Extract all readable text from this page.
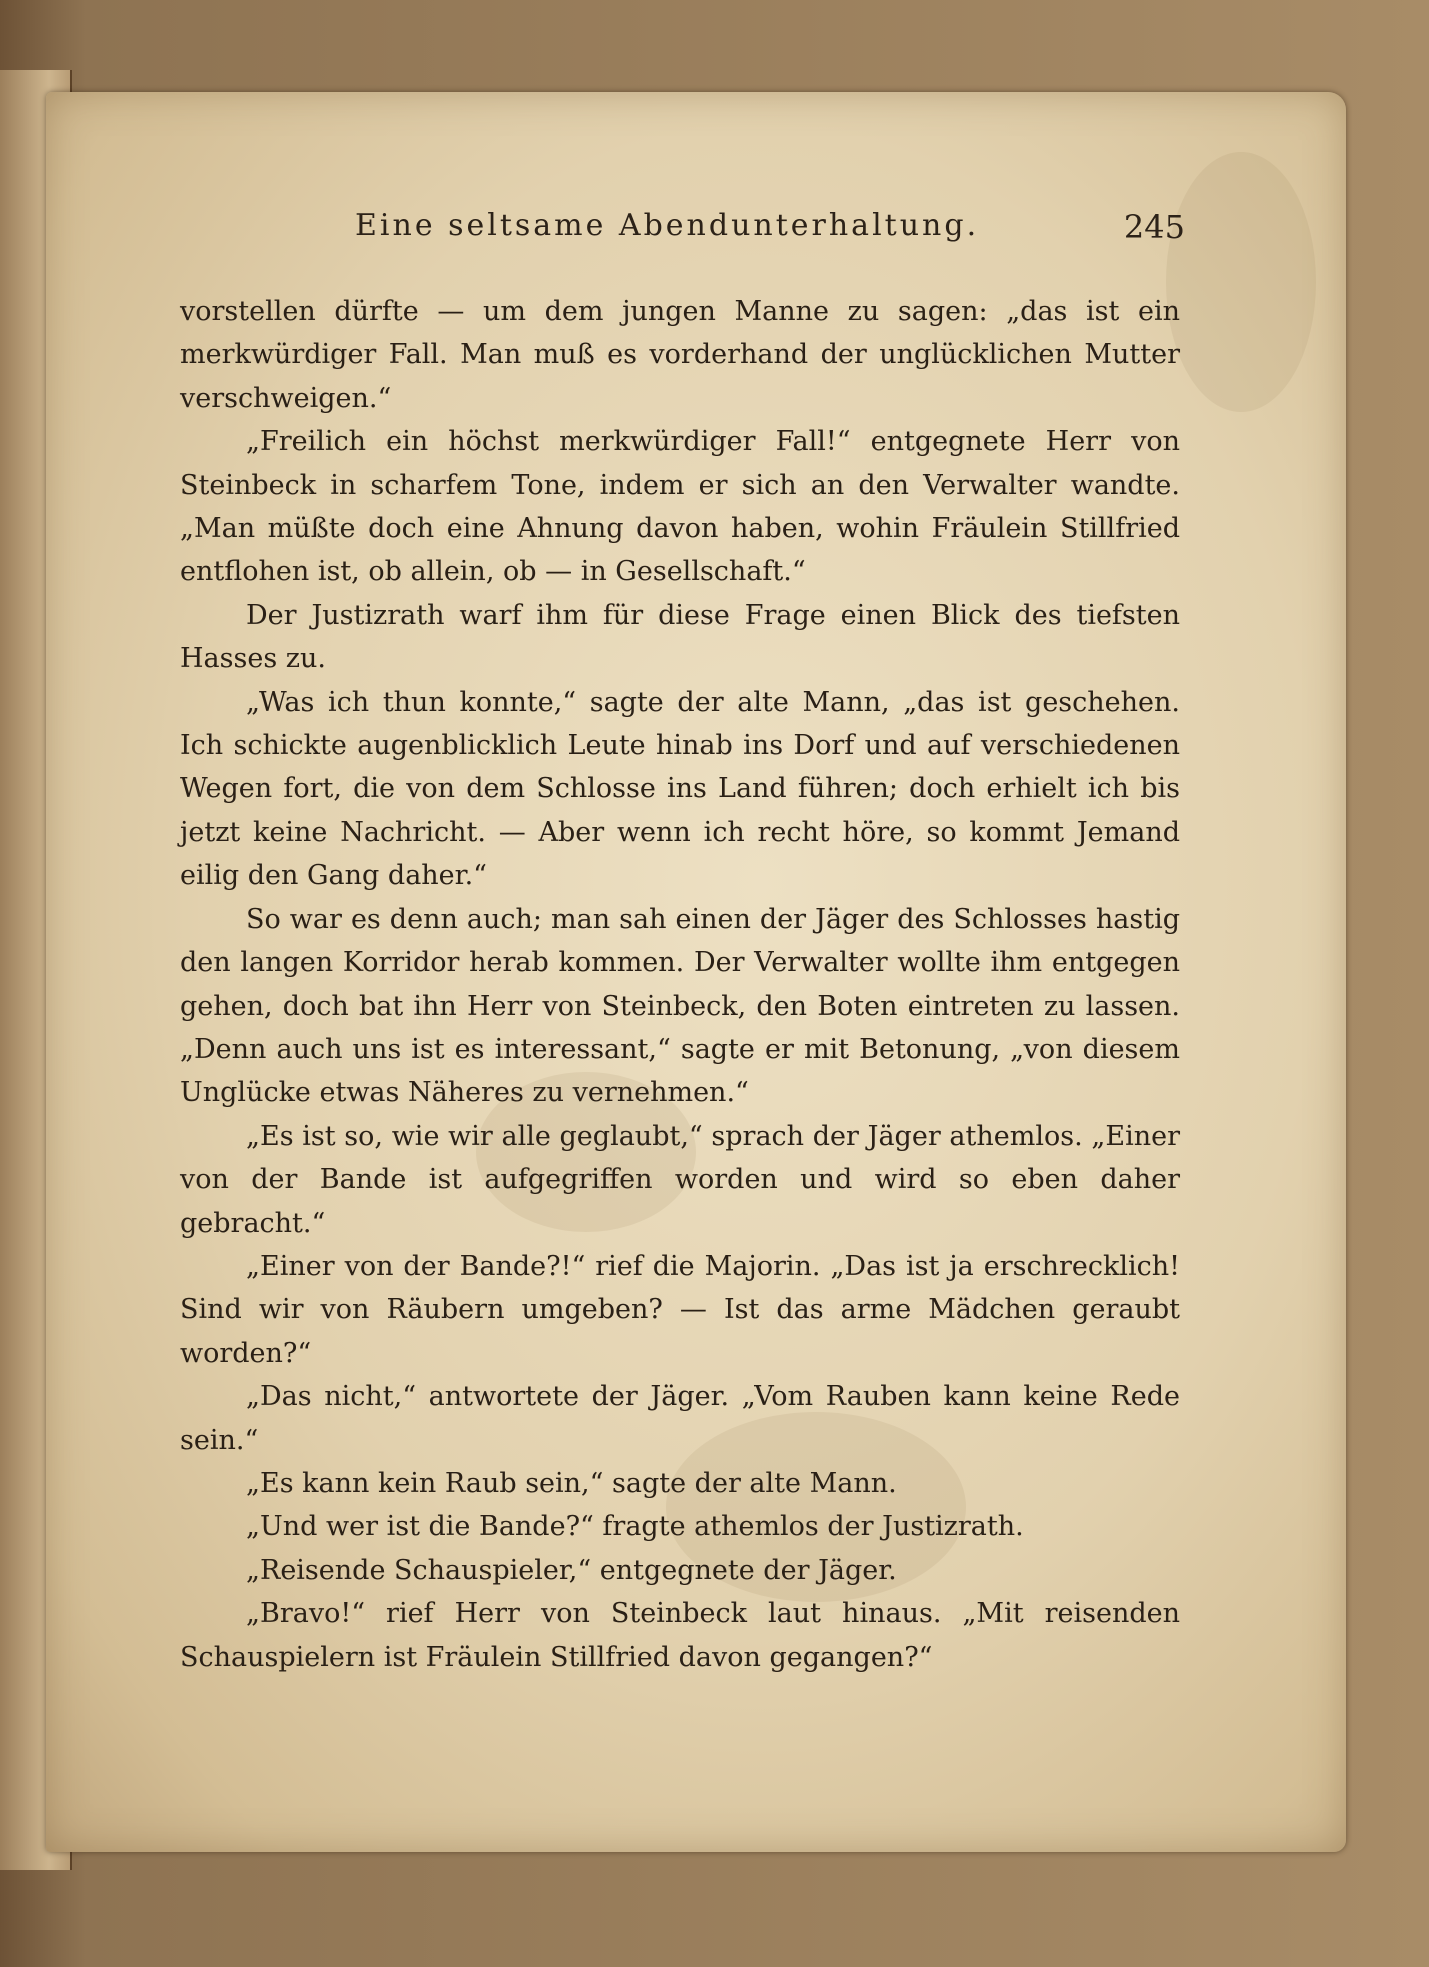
Eine seltsame Abendunterhaltung.	245

vorstellen dürfte — um dem jungen Manne zu sagen: „das ist ein merkwürdiger Fall. Man muß es vorderhand der unglücklichen Mutter verschweigen.“

„Freilich ein höchst merkwürdiger Fall!“ entgegnete Herr von Steinbeck in scharfem Tone, indem er sich an den Verwalter wandte. „Man müßte doch eine Ahnung davon haben, wohin Fräulein Stillfried entflohen ist, ob allein, ob — in Gesellschaft.“

Der Justizrath warf ihm für diese Frage einen Blick des tiefsten Hasses zu.

„Was ich thun konnte,“ sagte der alte Mann, „das ist geschehen. Ich schickte augenblicklich Leute hinab ins Dorf und auf verschiedenen Wegen fort, die von dem Schlosse ins Land führen; doch erhielt ich bis jetzt keine Nachricht. — Aber wenn ich recht höre, so kommt Jemand eilig den Gang daher.“

So war es denn auch; man sah einen der Jäger des Schlosses hastig den langen Korridor herab kommen. Der Verwalter wollte ihm entgegen gehen, doch bat ihn Herr von Steinbeck, den Boten eintreten zu lassen. „Denn auch uns ist es interessant,“ sagte er mit Betonung, „von diesem Unglücke etwas Näheres zu vernehmen.“

„Es ist so, wie wir alle geglaubt,“ sprach der Jäger athemlos. „Einer von der Bande ist aufgegriffen worden und wird so eben daher gebracht.“

„Einer von der Bande?!“ rief die Majorin. „Das ist ja erschrecklich! Sind wir von Räubern umgeben? — Ist das arme Mädchen geraubt worden?“

„Das nicht,“ antwortete der Jäger. „Vom Rauben kann keine Rede sein.“

„Es kann kein Raub sein,“ sagte der alte Mann.

„Und wer ist die Bande?“ fragte athemlos der Justizrath.

„Reisende Schauspieler,“ entgegnete der Jäger.

„Bravo!“ rief Herr von Steinbeck laut hinaus. „Mit reisenden Schauspielern ist Fräulein Stillfried davon gegangen?“
